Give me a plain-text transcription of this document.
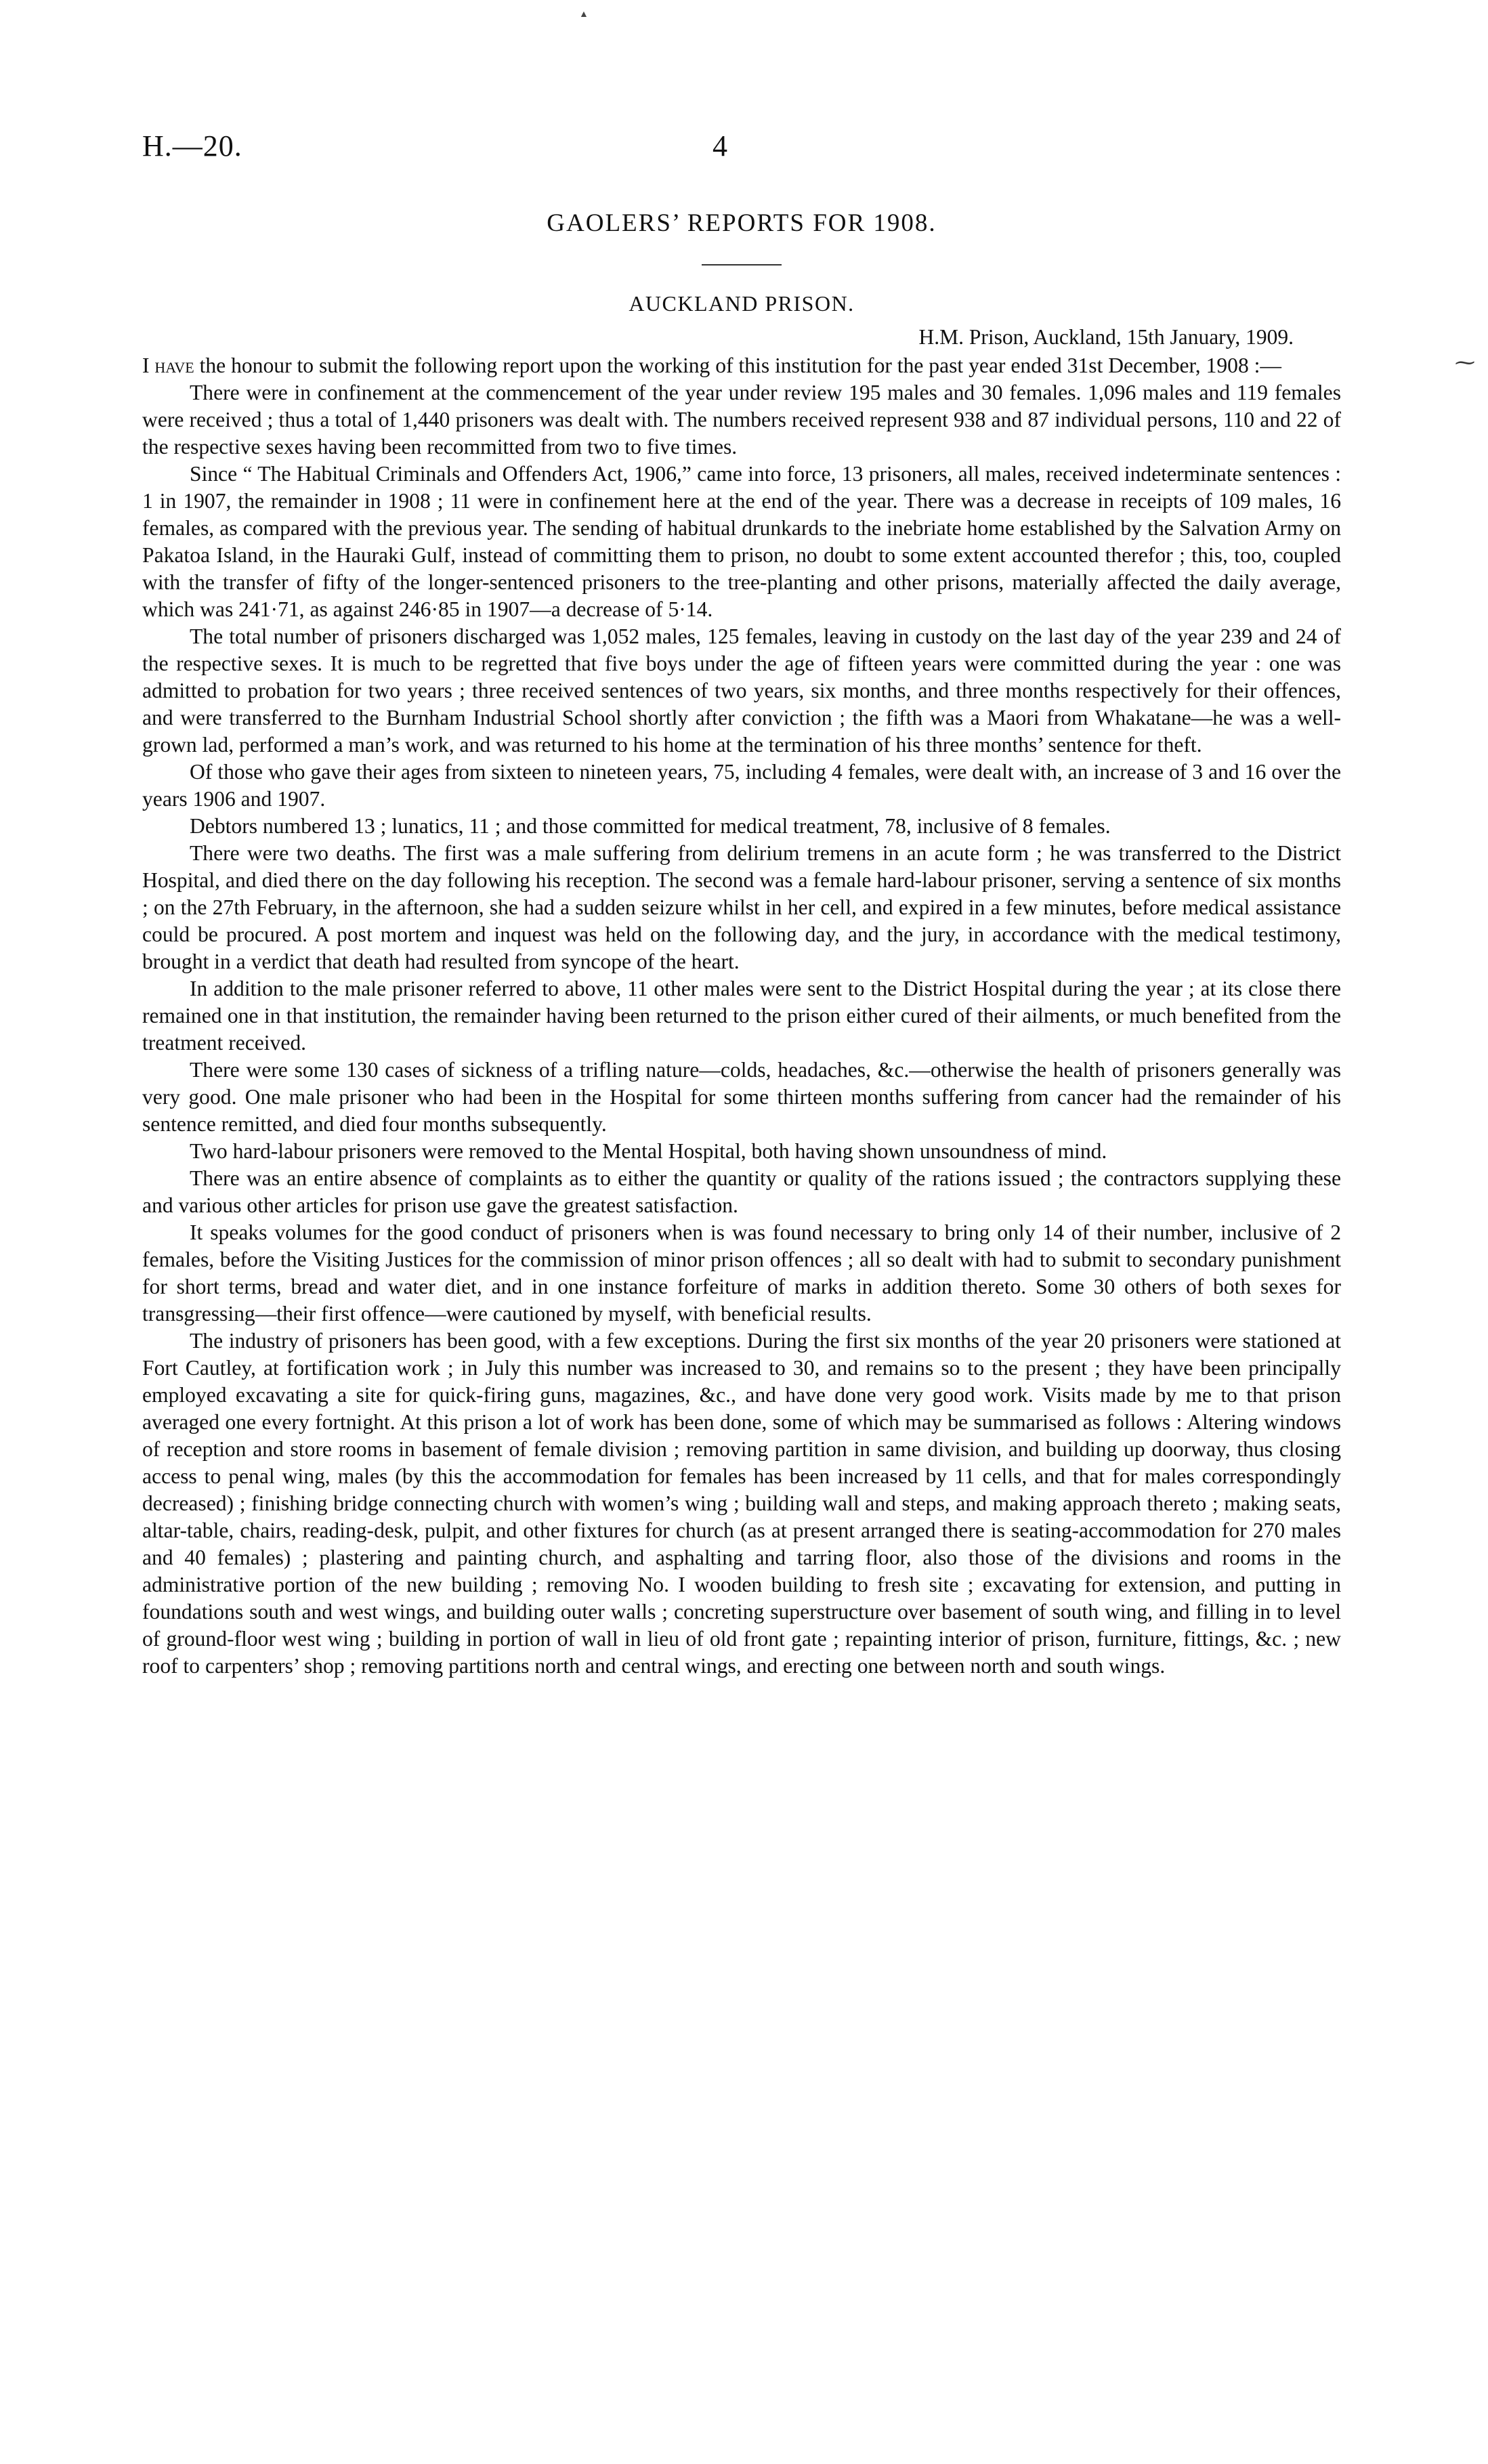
▲
⁓
H.—20.	4
GAOLERS’ REPORTS FOR 1908.
AUCKLAND PRISON.
H.M. Prison, Auckland, 15th January, 1909.

I have the honour to submit the following report upon the working of this institution for the past year ended 31st December, 1908 :—

There were in confinement at the commencement of the year under review 195 males and 30 females. 1,096 males and 119 females were received ; thus a total of 1,440 prisoners was dealt with. The numbers received represent 938 and 87 individual persons, 110 and 22 of the respective sexes having been recommitted from two to five times.

Since “ The Habitual Criminals and Offenders Act, 1906,” came into force, 13 prisoners, all males, received indeterminate sentences : 1 in 1907, the remainder in 1908 ; 11 were in confinement here at the end of the year. There was a decrease in receipts of 109 males, 16 females, as compared with the previous year. The sending of habitual drunkards to the inebriate home established by the Salvation Army on Pakatoa Island, in the Hauraki Gulf, instead of committing them to prison, no doubt to some extent accounted therefor ; this, too, coupled with the transfer of fifty of the longer-sentenced prisoners to the tree-planting and other prisons, materially affected the daily average, which was 241·71, as against 246·85 in 1907—a decrease of 5·14.

The total number of prisoners discharged was 1,052 males, 125 females, leaving in custody on the last day of the year 239 and 24 of the respective sexes. It is much to be regretted that five boys under the age of fifteen years were committed during the year : one was admitted to probation for two years ; three received sentences of two years, six months, and three months respectively for their offences, and were transferred to the Burnham Industrial School shortly after conviction ; the fifth was a Maori from Whakatane—he was a well-grown lad, performed a man’s work, and was returned to his home at the termination of his three months’ sentence for theft.

Of those who gave their ages from sixteen to nineteen years, 75, including 4 females, were dealt with, an increase of 3 and 16 over the years 1906 and 1907.

Debtors numbered 13 ; lunatics, 11 ; and those committed for medical treatment, 78, inclusive of 8 females.

There were two deaths. The first was a male suffering from delirium tremens in an acute form ; he was transferred to the District Hospital, and died there on the day following his reception. The second was a female hard-labour prisoner, serving a sentence of six months ; on the 27th February, in the afternoon, she had a sudden seizure whilst in her cell, and expired in a few minutes, before medical assistance could be procured. A post mortem and inquest was held on the following day, and the jury, in accordance with the medical testimony, brought in a verdict that death had resulted from syncope of the heart.

In addition to the male prisoner referred to above, 11 other males were sent to the District Hospital during the year ; at its close there remained one in that institution, the remainder having been returned to the prison either cured of their ailments, or much benefited from the treatment received.

There were some 130 cases of sickness of a trifling nature—colds, headaches, &c.—otherwise the health of prisoners generally was very good. One male prisoner who had been in the Hospital for some thirteen months suffering from cancer had the remainder of his sentence remitted, and died four months subsequently.

Two hard-labour prisoners were removed to the Mental Hospital, both having shown unsoundness of mind.

There was an entire absence of complaints as to either the quantity or quality of the rations issued ; the contractors supplying these and various other articles for prison use gave the greatest satisfaction.

It speaks volumes for the good conduct of prisoners when is was found necessary to bring only 14 of their number, inclusive of 2 females, before the Visiting Justices for the commission of minor prison offences ; all so dealt with had to submit to secondary punishment for short terms, bread and water diet, and in one instance forfeiture of marks in addition thereto. Some 30 others of both sexes for transgressing—their first offence—were cautioned by myself, with beneficial results.

The industry of prisoners has been good, with a few exceptions. During the first six months of the year 20 prisoners were stationed at Fort Cautley, at fortification work ; in July this number was increased to 30, and remains so to the present ; they have been principally employed excavating a site for quick-firing guns, magazines, &c., and have done very good work. Visits made by me to that prison averaged one every fortnight. At this prison a lot of work has been done, some of which may be summarised as follows : Altering windows of reception and store rooms in basement of female division ; removing partition in same division, and building up doorway, thus closing access to penal wing, males (by this the accommodation for females has been increased by 11 cells, and that for males correspondingly decreased) ; finishing bridge connecting church with women’s wing ; building wall and steps, and making approach thereto ; making seats, altar-table, chairs, reading-desk, pulpit, and other fixtures for church (as at present arranged there is seating-accommodation for 270 males and 40 females) ; plastering and painting church, and asphalting and tarring floor, also those of the divisions and rooms in the administrative portion of the new building ; removing No. I wooden building to fresh site ; excavating for extension, and putting in foundations south and west wings, and building outer walls ; concreting superstructure over basement of south wing, and filling in to level of ground-floor west wing ; building in portion of wall in lieu of old front gate ; repainting interior of prison, furniture, fittings, &c. ; new roof to carpenters’ shop ; removing partitions north and central wings, and erecting one between north and south wings.
